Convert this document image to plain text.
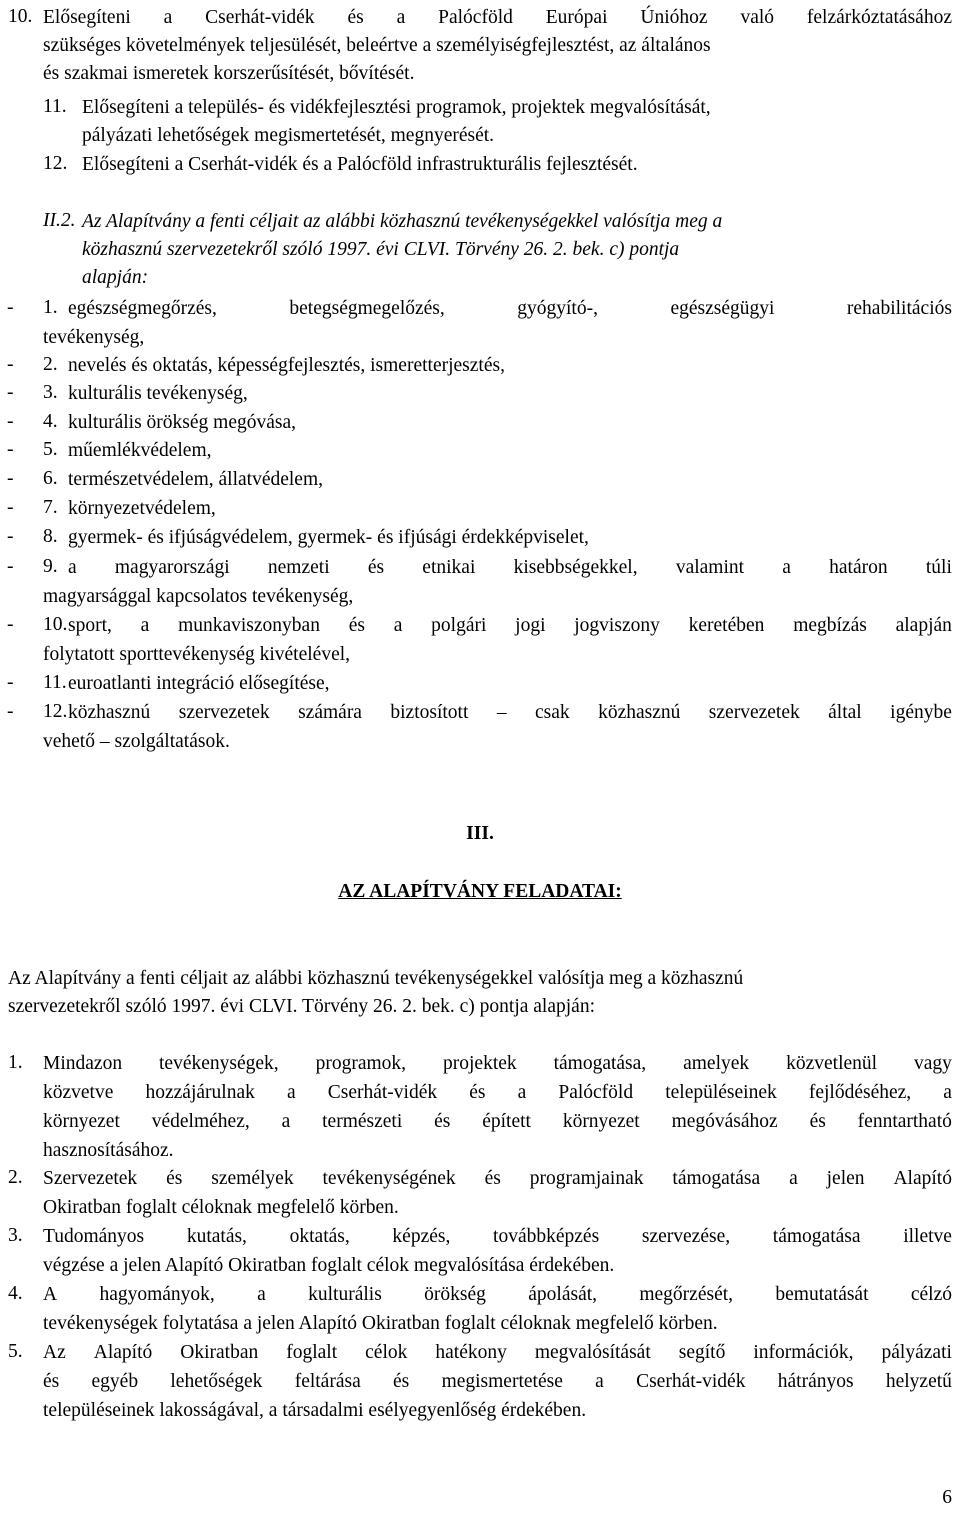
10. Elősegíteni a Cserhát-vidék és a Palócföld Európai Únióhoz való felzárkóztatásához
szükséges követelmények teljesülését, beleértve a személyiségfejlesztést, az általános
és szakmai ismeretek korszerűsítését, bővítését.
11. Elősegíteni a település- és vidékfejlesztési programok, projektek megvalósítását,
pályázati lehetőségek megismertetését, megnyerését.
12. Elősegíteni a Cserhát-vidék és a Palócföld infrastrukturális fejlesztését.
II.2. Az Alapítvány a fenti céljait az alábbi közhasznú tevékenységekkel valósítja meg a
közhasznú szervezetekről szóló 1997. évi CLVI. Törvény 26. 2. bek. c) pontja
alapján:
- 1. egészségmegőrzés,	betegségmegelőzés,	gyógyító-,	egészségügyi	rehabilitációs
tevékenység,
- 2. nevelés és oktatás, képességfejlesztés, ismeretterjesztés,
- 3. kulturális tevékenység,
- 4. kulturális örökség megóvása,
- 5. műemlékvédelem,
- 6. természetvédelem, állatvédelem,
- 7. környezetvédelem,
- 8. gyermek- és ifjúságvédelem, gyermek- és ifjúsági érdekképviselet,
- 9. a magyarországi nemzeti és etnikai kisebbségekkel, valamint a határon túli
magyarsággal kapcsolatos tevékenység,
- 10. sport, a munkaviszonyban és a polgári jogi jogviszony keretében megbízás alapján
folytatott sporttevékenység kivételével,
- 11. euroatlanti integráció elősegítése,
- 12. közhasznú szervezetek számára biztosított – csak közhasznú szervezetek által igénybe
vehető – szolgáltatások.
III.
AZ ALAPÍTVÁNY FELADATAI:
Az Alapítvány a fenti céljait az alábbi közhasznú tevékenységekkel valósítja meg a közhasznú
szervezetekről szóló 1997. évi CLVI. Törvény 26. 2. bek. c) pontja alapján:
1. Mindazon tevékenységek, programok, projektek támogatása, amelyek közvetlenül vagy
közvetve hozzájárulnak a Cserhát-vidék és a Palócföld településeinek fejlődéséhez, a
környezet védelméhez, a természeti és épített környezet megóvásához és fenntartható
hasznosításához.
2. Szervezetek és személyek tevékenységének és programjainak támogatása a jelen Alapító
Okiratban foglalt céloknak megfelelő körben.
3. Tudományos kutatás, oktatás, képzés, továbbképzés szervezése, támogatása illetve
végzése a jelen Alapító Okiratban foglalt célok megvalósítása érdekében.
4. A hagyományok, a kulturális örökség ápolását, megőrzését, bemutatását célzó
tevékenységek folytatása a jelen Alapító Okiratban foglalt céloknak megfelelő körben.
5. Az Alapító Okiratban foglalt célok hatékony megvalósítását segítő információk, pályázati
és egyéb lehetőségek feltárása és megismertetése a Cserhát-vidék hátrányos helyzetű
településeinek lakosságával, a társadalmi esélyegyenlőség érdekében.
6
